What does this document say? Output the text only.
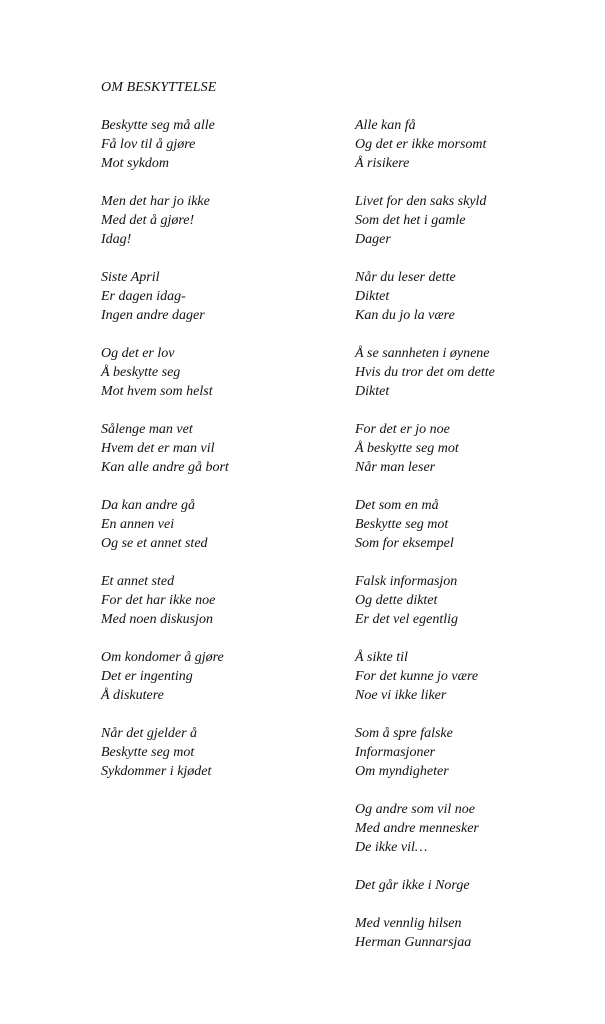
OM BESKYTTELSE
Beskytte seg må alle
Få lov til å gjøre
Mot sykdom
Men det har jo ikke
Med det å gjøre!
Idag!
Siste April
Er dagen idag-
Ingen andre dager
Og det er lov
Å beskytte seg
Mot hvem som helst
Sålenge man vet
Hvem det er man vil
Kan alle andre gå bort
Da kan andre gå
En annen vei
Og se et annet sted
Et annet sted
For det har ikke noe
Med noen diskusjon
Om kondomer å gjøre
Det er ingenting
Å diskutere
Når det gjelder å
Beskytte seg mot
Sykdommer i kjødet
Alle kan få
Og det er ikke morsomt
Å risikere
Livet for den saks skyld
Som det het i gamle
Dager
Når du leser dette
Diktet
Kan du jo la være
Å se sannheten i øynene
Hvis du tror det om dette
Diktet
For det er jo noe
Å beskytte seg mot
Når man leser
Det som en må
Beskytte seg mot
Som for eksempel
Falsk informasjon
Og dette diktet
Er det vel egentlig
Å sikte til
For det kunne jo være
Noe vi ikke liker
Som å spre falske
Informasjoner
Om myndigheter
Og andre som vil noe
Med andre mennesker
De ikke vil…
Det går ikke i Norge
Med vennlig hilsen
Herman Gunnarsjaa
